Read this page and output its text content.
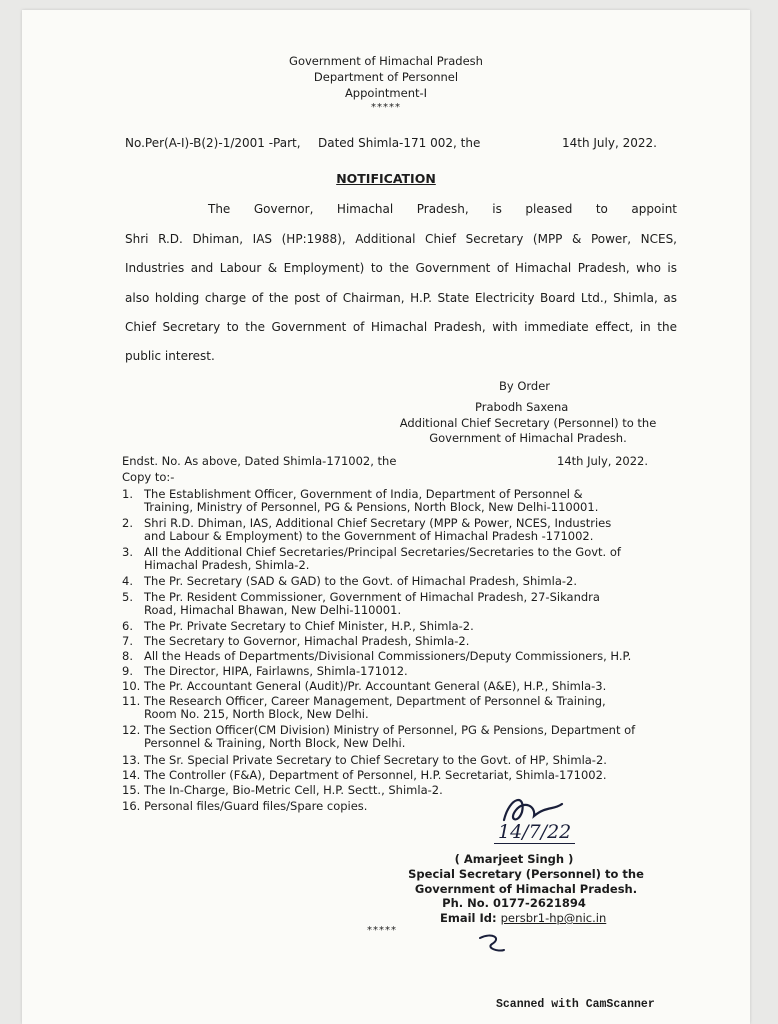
Government of Himachal Pradesh
Department of Personnel
Appointment-I
*****
No.Per(A-I)-B(2)-1/2001 -Part, Dated Shimla-171 002, the	14th July, 2022.
NOTIFICATION
The Governor, Himachal Pradesh, is pleased to appoint
Shri R.D. Dhiman, IAS (HP:1988), Additional Chief Secretary (MPP & Power, NCES,
Industries and Labour & Employment) to the Government of Himachal Pradesh, who is
also holding charge of the post of Chairman, H.P. State Electricity Board Ltd., Shimla, as
Chief Secretary to the Government of Himachal Pradesh, with immediate effect, in the
public interest.
By Order
Prabodh Saxena
Additional Chief Secretary (Personnel) to the
Government of Himachal Pradesh.
Endst. No. As above, Dated Shimla-171002, the	14th July, 2022.
Copy to:-
1. The Establishment Officer, Government of India, Department of Personnel &
Training, Ministry of Personnel, PG & Pensions, North Block, New Delhi-110001.
2. Shri R.D. Dhiman, IAS, Additional Chief Secretary (MPP & Power, NCES, Industries
and Labour & Employment) to the Government of Himachal Pradesh -171002.
3. All the Additional Chief Secretaries/Principal Secretaries/Secretaries to the Govt. of
Himachal Pradesh, Shimla-2.
4. The Pr. Secretary (SAD & GAD) to the Govt. of Himachal Pradesh, Shimla-2.
5. The Pr. Resident Commissioner, Government of Himachal Pradesh, 27-Sikandra
Road, Himachal Bhawan, New Delhi-110001.
6. The Pr. Private Secretary to Chief Minister, H.P., Shimla-2.
7. The Secretary to Governor, Himachal Pradesh, Shimla-2.
8. All the Heads of Departments/Divisional Commissioners/Deputy Commissioners, H.P.
9. The Director, HIPA, Fairlawns, Shimla-171012.
10. The Pr. Accountant General (Audit)/Pr. Accountant General (A&E), H.P., Shimla-3.
11. The Research Officer, Career Management, Department of Personnel & Training,
Room No. 215, North Block, New Delhi.
12. The Section Officer(CM Division) Ministry of Personnel, PG & Pensions, Department of
Personnel & Training, North Block, New Delhi.
13. The Sr. Special Private Secretary to Chief Secretary to the Govt. of HP, Shimla-2.
14. The Controller (F&A), Department of Personnel, H.P. Secretariat, Shimla-171002.
15. The In-Charge, Bio-Metric Cell, H.P. Sectt., Shimla-2.
16. Personal files/Guard files/Spare copies.
14/7/22
( Amarjeet Singh )
Special Secretary (Personnel) to the
Government of Himachal Pradesh.
Ph. No. 0177-2621894
Email Id: persbr1-hp@nic.in
*****
Scanned with CamScanner
